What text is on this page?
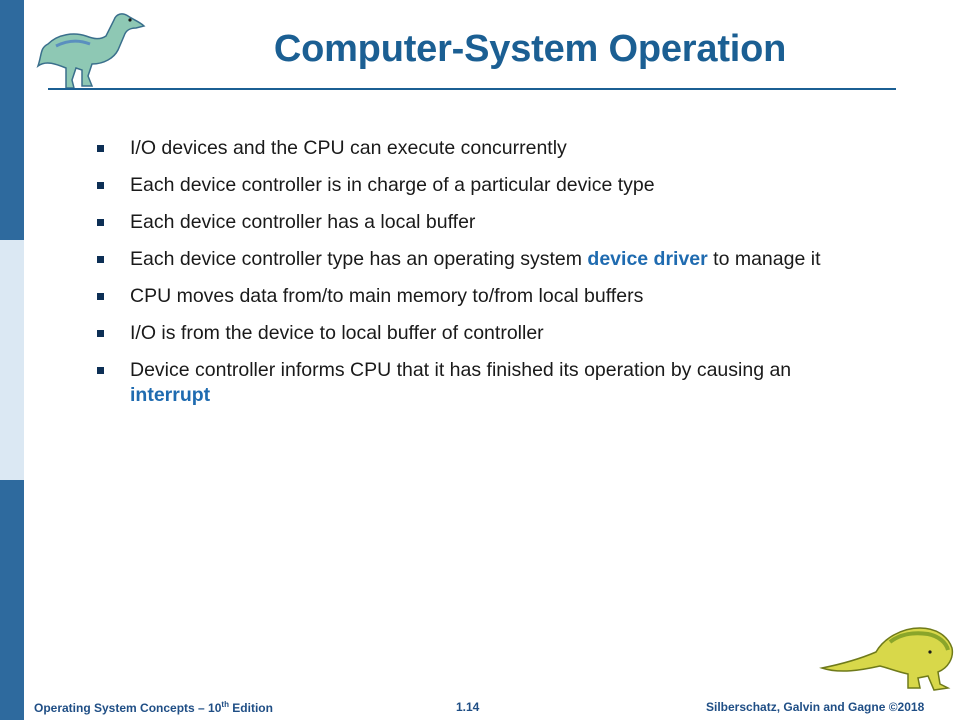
Computer-System Operation
I/O devices and the CPU can execute concurrently
Each device controller is in charge of a particular device type
Each device controller has a local buffer
Each device controller type has an operating system device driver to manage it
CPU moves data from/to main memory to/from local buffers
I/O is from the device to local buffer of controller
Device controller informs CPU that it has finished its operation by causing an interrupt
Operating System Concepts – 10th Edition	1.14	Silberschatz, Galvin and Gagne ©2018
